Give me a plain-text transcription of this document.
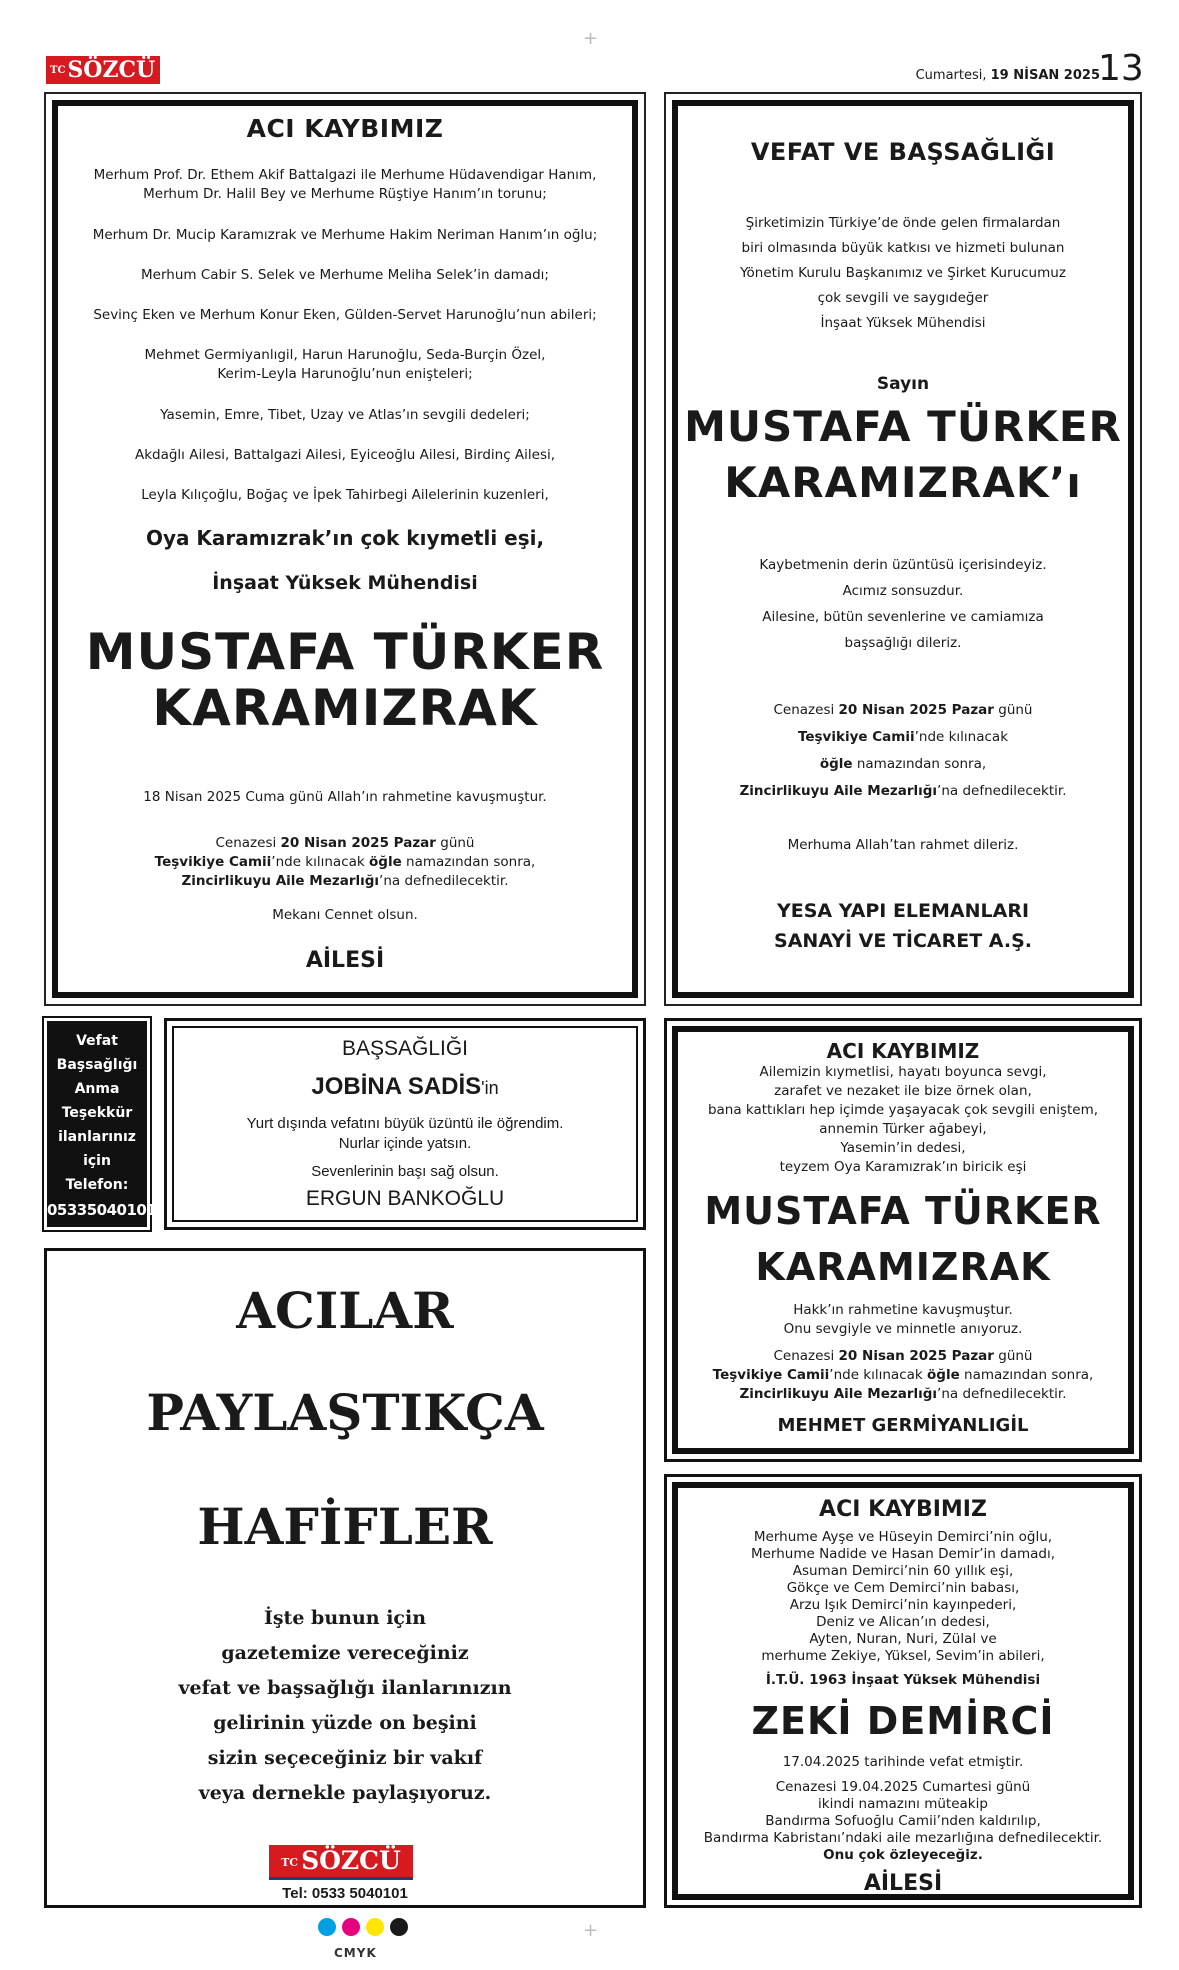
+
+
TCSÖZCÜ	Cumartesi, 19 NİSAN 2025
13
ACI KAYBIMIZ
Merhum Prof. Dr. Ethem Akif Battalgazi ile Merhume Hüdavendigar Hanım,
Merhum Dr. Halil Bey ve Merhume Rüştiye Hanım’ın torunu;
Merhum Dr. Mucip Karamızrak ve Merhume Hakim Neriman Hanım’ın oğlu;
Merhum Cabir S. Selek ve Merhume Meliha Selek’in damadı;
Sevinç Eken ve Merhum Konur Eken, Gülden-Servet Harunoğlu’nun abileri;
Mehmet Germiyanlıgil, Harun Harunoğlu, Seda-Burçin Özel,
Kerim-Leyla Harunoğlu’nun enişteleri;
Yasemin, Emre, Tibet, Uzay ve Atlas’ın sevgili dedeleri;
Akdağlı Ailesi, Battalgazi Ailesi, Eyiceoğlu Ailesi, Birdinç Ailesi,
Leyla Kılıçoğlu, Boğaç ve İpek Tahirbegi Ailelerinin kuzenleri,
Oya Karamızrak’ın çok kıymetli eşi,
İnşaat Yüksek Mühendisi
MUSTAFA TÜRKER
KARAMIZRAK
18 Nisan 2025 Cuma günü Allah’ın rahmetine kavuşmuştur.
Cenazesi 20 Nisan 2025 Pazar günü
Teşvikiye Camii’nde kılınacak öğle namazından sonra,
Zincirlikuyu Aile Mezarlığı’na defnedilecektir.
Mekanı Cennet olsun.
AİLESİ
VEFAT VE BAŞSAĞLIĞI
Şirketimizin Türkiye’de önde gelen firmalardan
biri olmasında büyük katkısı ve hizmeti bulunan
Yönetim Kurulu Başkanımız ve Şirket Kurucumuz
çok sevgili ve saygıdeğer
İnşaat Yüksek Mühendisi
Sayın
MUSTAFA TÜRKER
KARAMIZRAK’ı
Kaybetmenin derin üzüntüsü içerisindeyiz.
Acımız sonsuzdur.
Ailesine, bütün sevenlerine ve camiamıza
başsağlığı dileriz.
Cenazesi 20 Nisan 2025 Pazar günü
Teşvikiye Camii’nde kılınacak
öğle namazından sonra,
Zincirlikuyu Aile Mezarlığı’na defnedilecektir.
Merhuma Allah’tan rahmet dileriz.
YESA YAPI ELEMANLARI
SANAYİ VE TİCARET A.Ş.
Vefat
Başsağlığı
Anma
Teşekkür
ilanlarınız
için
Telefon:
05335040101
BAŞSAĞLIĞI
JOBİNA SADİS'in
Yurt dışında vefatını büyük üzüntü ile öğrendim.
Nurlar içinde yatsın.
Sevenlerinin başı sağ olsun.
ERGUN BANKOĞLU
ACILAR
PAYLAŞTIKÇA
HAFİFLER
İşte bunun için
gazetemize vereceğiniz
vefat ve başsağlığı ilanlarınızın
gelirinin yüzde on beşini
sizin seçeceğiniz bir vakıf
veya dernekle paylaşıyoruz.
TC SÖZCÜ
Tel: 0533 5040101
ACI KAYBIMIZ
Ailemizin kıymetlisi, hayatı boyunca sevgi,
zarafet ve nezaket ile bize örnek olan,
bana kattıkları hep içimde yaşayacak çok sevgili eniştem,
annemin Türker ağabeyi,
Yasemin’in dedesi,
teyzem Oya Karamızrak’ın biricik eşi
MUSTAFA TÜRKER
KARAMIZRAK
Hakk’ın rahmetine kavuşmuştur.
Onu sevgiyle ve minnetle anıyoruz.
Cenazesi 20 Nisan 2025 Pazar günü
Teşvikiye Camii’nde kılınacak öğle namazından sonra,
Zincirlikuyu Aile Mezarlığı’na defnedilecektir.
MEHMET GERMİYANLIGİL
ACI KAYBIMIZ
Merhume Ayşe ve Hüseyin Demirci’nin oğlu,
Merhume Nadide ve Hasan Demir’in damadı,
Asuman Demirci’nin 60 yıllık eşi,
Gökçe ve Cem Demirci’nin babası,
Arzu Işık Demirci’nin kayınpederi,
Deniz ve Alican’ın dedesi,
Ayten, Nuran, Nuri, Zülal ve
merhume Zekiye, Yüksel, Sevim’in abileri,
İ.T.Ü. 1963 İnşaat Yüksek Mühendisi
ZEKİ DEMİRCİ
17.04.2025 tarihinde vefat etmiştir.
Cenazesi 19.04.2025 Cumartesi günü
ikindi namazını müteakip
Bandırma Sofuoğlu Camii’nden kaldırılıp,
Bandırma Kabristanı’ndaki aile mezarlığına defnedilecektir.
Onu çok özleyeceğiz.
AİLESİ
CMYK
